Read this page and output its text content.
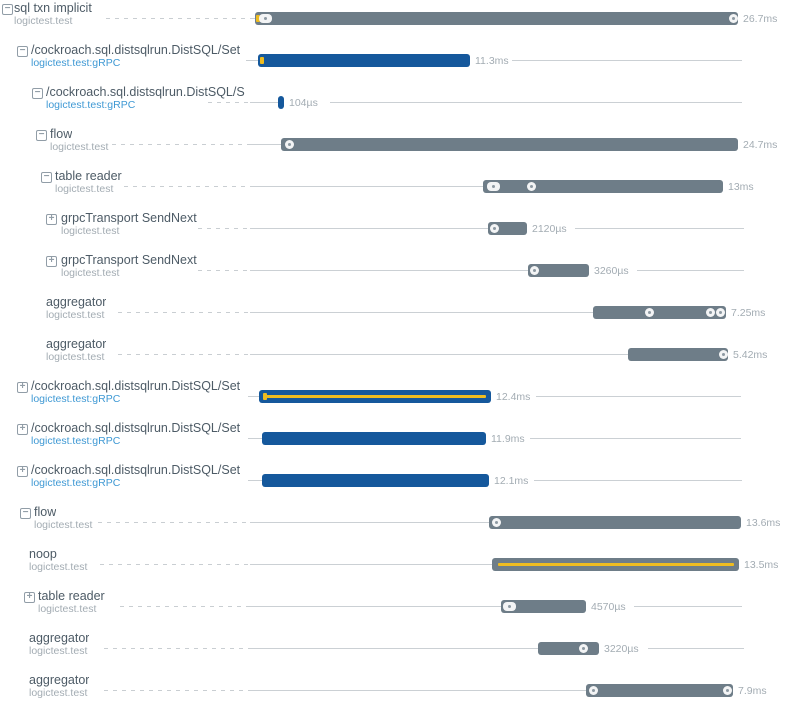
− sql txn implicit
logictest.test	26.7ms
− /cockroach.sql.distsqlrun.DistSQL/Set
logictest.test:gRPC	11.3ms
− /cockroach.sql.distsqlrun.DistSQL/S
logictest.test:gRPC	104µs
− flow
logictest.test	24.7ms
− table reader
logictest.test	13ms
+ grpcTransport SendNext
logictest.test	2120µs
+ grpcTransport SendNext
logictest.test	3260µs
aggregator
logictest.test	7.25ms
aggregator
logictest.test	5.42ms
+ /cockroach.sql.distsqlrun.DistSQL/Set
logictest.test:gRPC	12.4ms
+ /cockroach.sql.distsqlrun.DistSQL/Set
logictest.test:gRPC	11.9ms
+ /cockroach.sql.distsqlrun.DistSQL/Set
logictest.test:gRPC	12.1ms
− flow
logictest.test	13.6ms
noop
logictest.test	13.5ms
+ table reader
logictest.test	4570µs
aggregator
logictest.test	3220µs
aggregator
logictest.test	7.9ms
